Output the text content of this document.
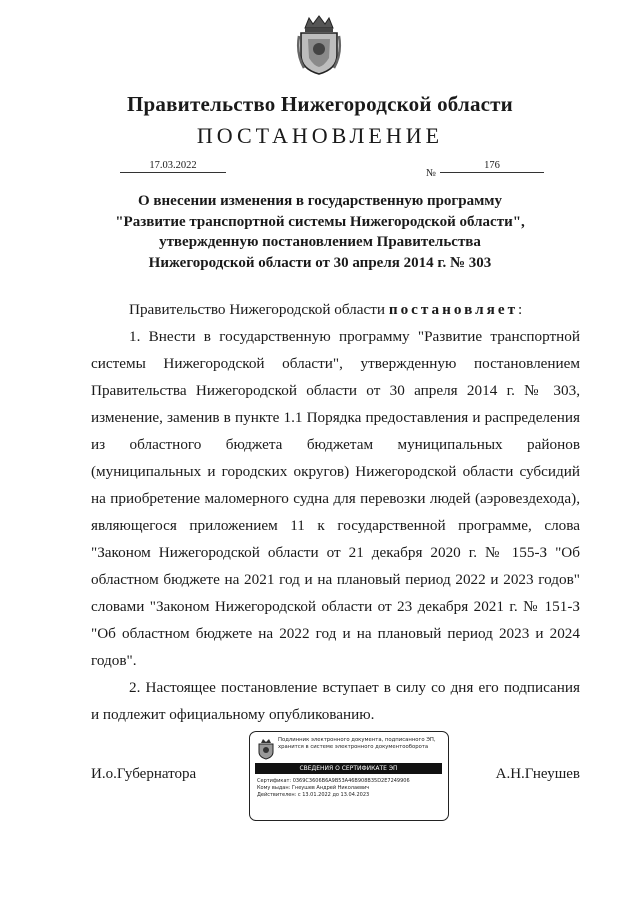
Правительство Нижегородской области
ПОСТАНОВЛЕНИЕ
17.03.2022
№
176
О внесении изменения в государственную программу
"Развитие транспортной системы Нижегородской области",
утвержденную постановлением Правительства
Нижегородской области от 30 апреля 2014 г. № 303

Правительство Нижегородской области постановляет:

1. Внести в государственную программу "Развитие транспортной системы Нижегородской области", утвержденную постановлением Правительства Нижегородской области от 30 апреля 2014 г. № 303, изменение, заменив в пункте 1.1 Порядка предоставления и распределения из областного бюджета бюджетам муниципальных районов (муниципальных и городских округов) Нижегородской области субсидий на приобретение маломерного судна для перевозки людей (аэровездехода), являющегося приложением 11 к государственной программе, слова "Законом Нижегородской области от 21 декабря 2020 г. № 155-З "Об областном бюджете на 2021 год и на плановый период 2022 и 2023 годов" словами "Законом Нижегородской области от 23 декабря 2021 г. № 151-З "Об областном бюджете на 2022 год и на плановый период 2023 и 2024 годов".

2. Настоящее постановление вступает в силу со дня его подписания и подлежит официальному опубликованию.

И.о.Губернатора	А.Н.Гнеушев
Подлинник электронного документа, подписанного ЭП,
хранится в системе электронного документооборота
СВЕДЕНИЯ О СЕРТИФИКАТЕ ЭП
Сертификат: 0369C3606B6A9B53A46B908B35D2E7249906
Кому выдан: Гнеушев Андрей Николаевич
Действителен: с 13.01.2022 до 13.04.2023
